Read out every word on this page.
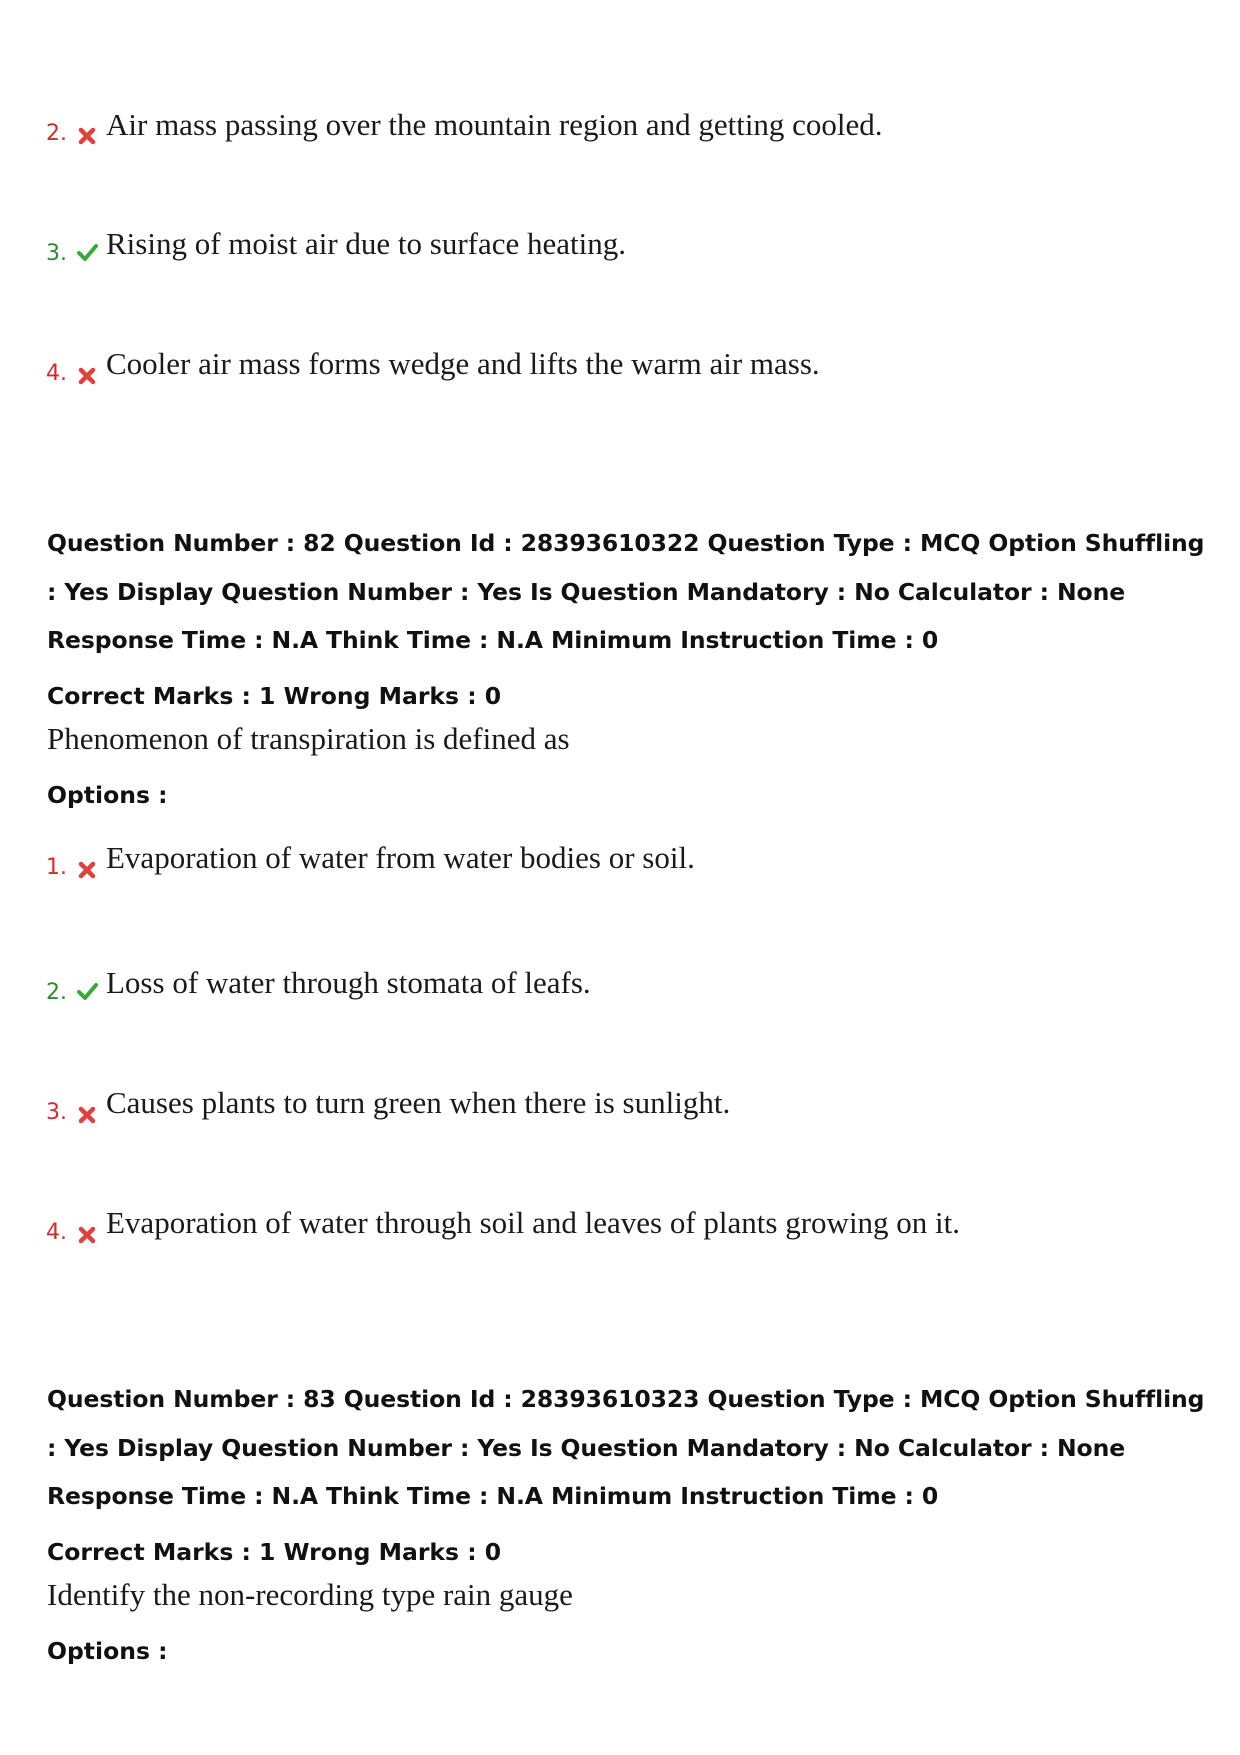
2. Air mass passing over the mountain region and getting cooled.
3. Rising of moist air due to surface heating.
4. Cooler air mass forms wedge and lifts the warm air mass.
Question Number : 82 Question Id : 28393610322 Question Type : MCQ Option Shuffling : Yes Display Question Number : Yes Is Question Mandatory : No Calculator : None Response Time : N.A Think Time : N.A Minimum Instruction Time : 0
Correct Marks : 1 Wrong Marks : 0
Phenomenon of transpiration is defined as
Options :
1. Evaporation of water from water bodies or soil.
2. Loss of water through stomata of leafs.
3. Causes plants to turn green when there is sunlight.
4. Evaporation of water through soil and leaves of plants growing on it.
Question Number : 83 Question Id : 28393610323 Question Type : MCQ Option Shuffling : Yes Display Question Number : Yes Is Question Mandatory : No Calculator : None Response Time : N.A Think Time : N.A Minimum Instruction Time : 0
Correct Marks : 1 Wrong Marks : 0
Identify the non-recording type rain gauge
Options :
